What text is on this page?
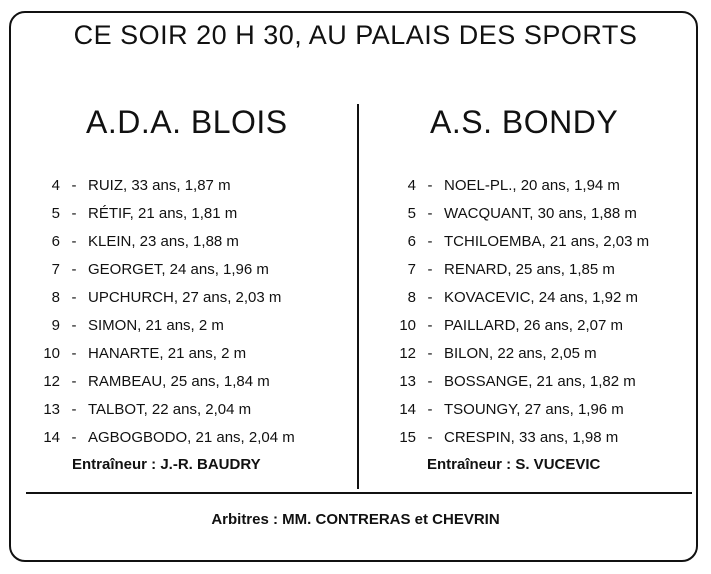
CE SOIR 20 H 30, AU PALAIS DES SPORTS
A.D.A. BLOIS	A.S. BONDY
4 - RUIZ, 33 ans, 1,87 m
5 - RÉTIF, 21 ans, 1,81 m
6 - KLEIN, 23 ans, 1,88 m
7 - GEORGET, 24 ans, 1,96 m
8 - UPCHURCH, 27 ans, 2,03 m
9 - SIMON, 21 ans, 2 m
10 - HANARTE, 21 ans, 2 m
12 - RAMBEAU, 25 ans, 1,84 m
13 - TALBOT, 22 ans, 2,04 m
14 - AGBOGBODO, 21 ans, 2,04 m
4 - NOEL-PL., 20 ans, 1,94 m
5 - WACQUANT, 30 ans, 1,88 m
6 - TCHILOEMBA, 21 ans, 2,03 m
7 - RENARD, 25 ans, 1,85 m
8 - KOVACEVIC, 24 ans, 1,92 m
10 - PAILLARD, 26 ans, 2,07 m
12 - BILON, 22 ans, 2,05 m
13 - BOSSANGE, 21 ans, 1,82 m
14 - TSOUNGY, 27 ans, 1,96 m
15 - CRESPIN, 33 ans, 1,98 m
Entraîneur : J.-R. BAUDRY	Entraîneur : S. VUCEVIC
Arbitres : MM. CONTRERAS et CHEVRIN
